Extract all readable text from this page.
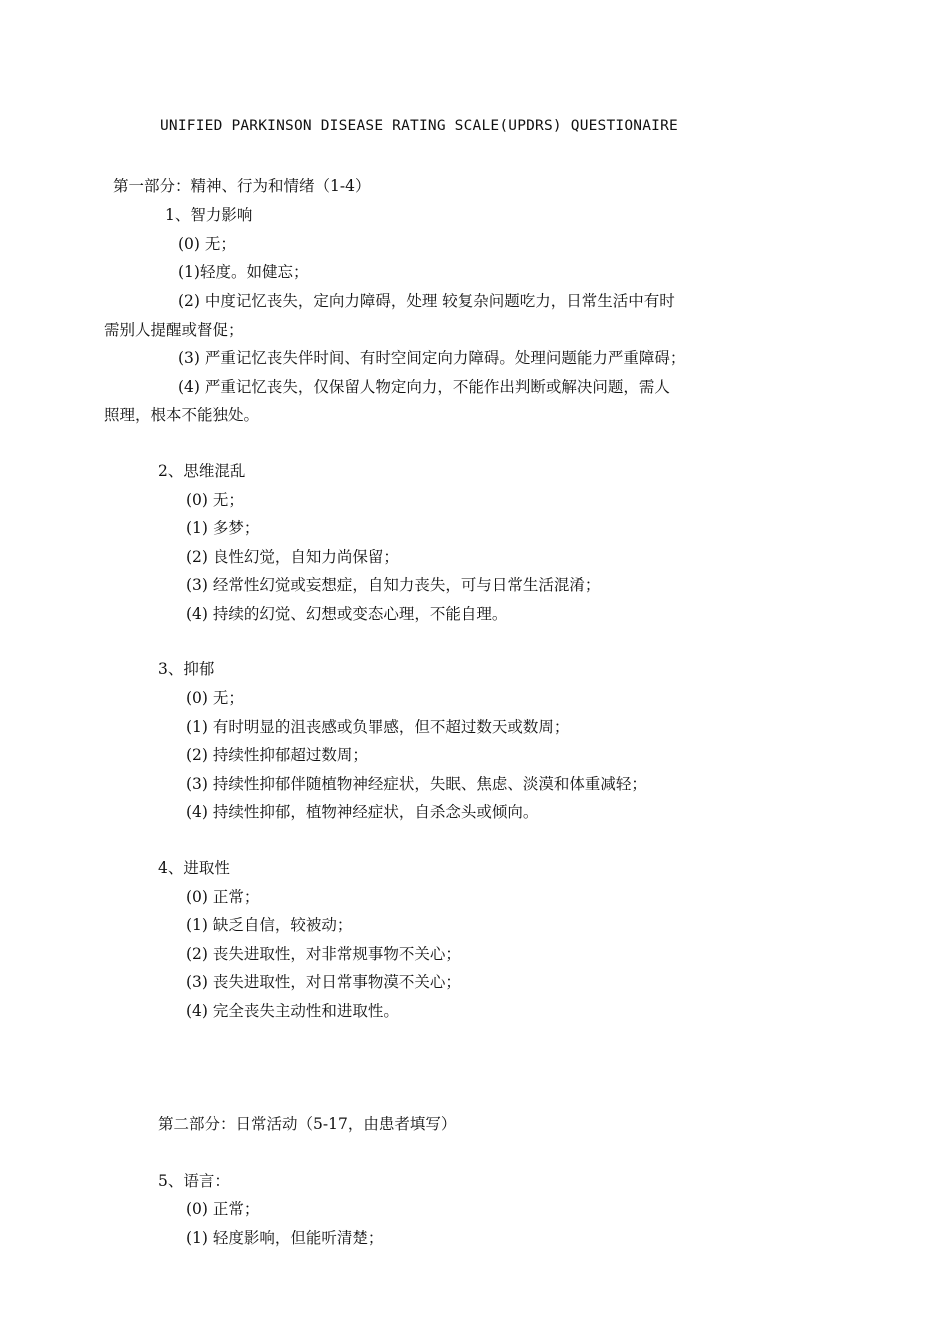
UNIFIED PARKINSON DISEASE RATING SCALE(UPDRS) QUESTIONAIRE
第一部分：精神、行为和情绪（1-4）
1、智力影响
(0) 无；
(1)轻度。如健忘；
(2) 中度记忆丧失，定向力障碍，处理 较复杂问题吃力，日常生活中有时
需别人提醒或督促；
(3) 严重记忆丧失伴时间、有时空间定向力障碍。处理问题能力严重障碍；
(4) 严重记忆丧失，仅保留人物定向力，不能作出判断或解决问题，需人
照理，根本不能独处。
2、思维混乱
(0) 无；
(1) 多梦；
(2) 良性幻觉，自知力尚保留；
(3) 经常性幻觉或妄想症，自知力丧失，可与日常生活混淆；
(4) 持续的幻觉、幻想或变态心理，不能自理。
3、抑郁
(0) 无；
(1) 有时明显的沮丧感或负罪感，但不超过数天或数周；
(2) 持续性抑郁超过数周；
(3) 持续性抑郁伴随植物神经症状，失眠、焦虑、淡漠和体重减轻；
(4) 持续性抑郁，植物神经症状，自杀念头或倾向。
4、进取性
(0) 正常；
(1) 缺乏自信，较被动；
(2) 丧失进取性，对非常规事物不关心；
(3) 丧失进取性，对日常事物漠不关心；
(4) 完全丧失主动性和进取性。
第二部分：日常活动（5-17，由患者填写）
5、语言：
(0) 正常；
(1) 轻度影响，但能听清楚；
